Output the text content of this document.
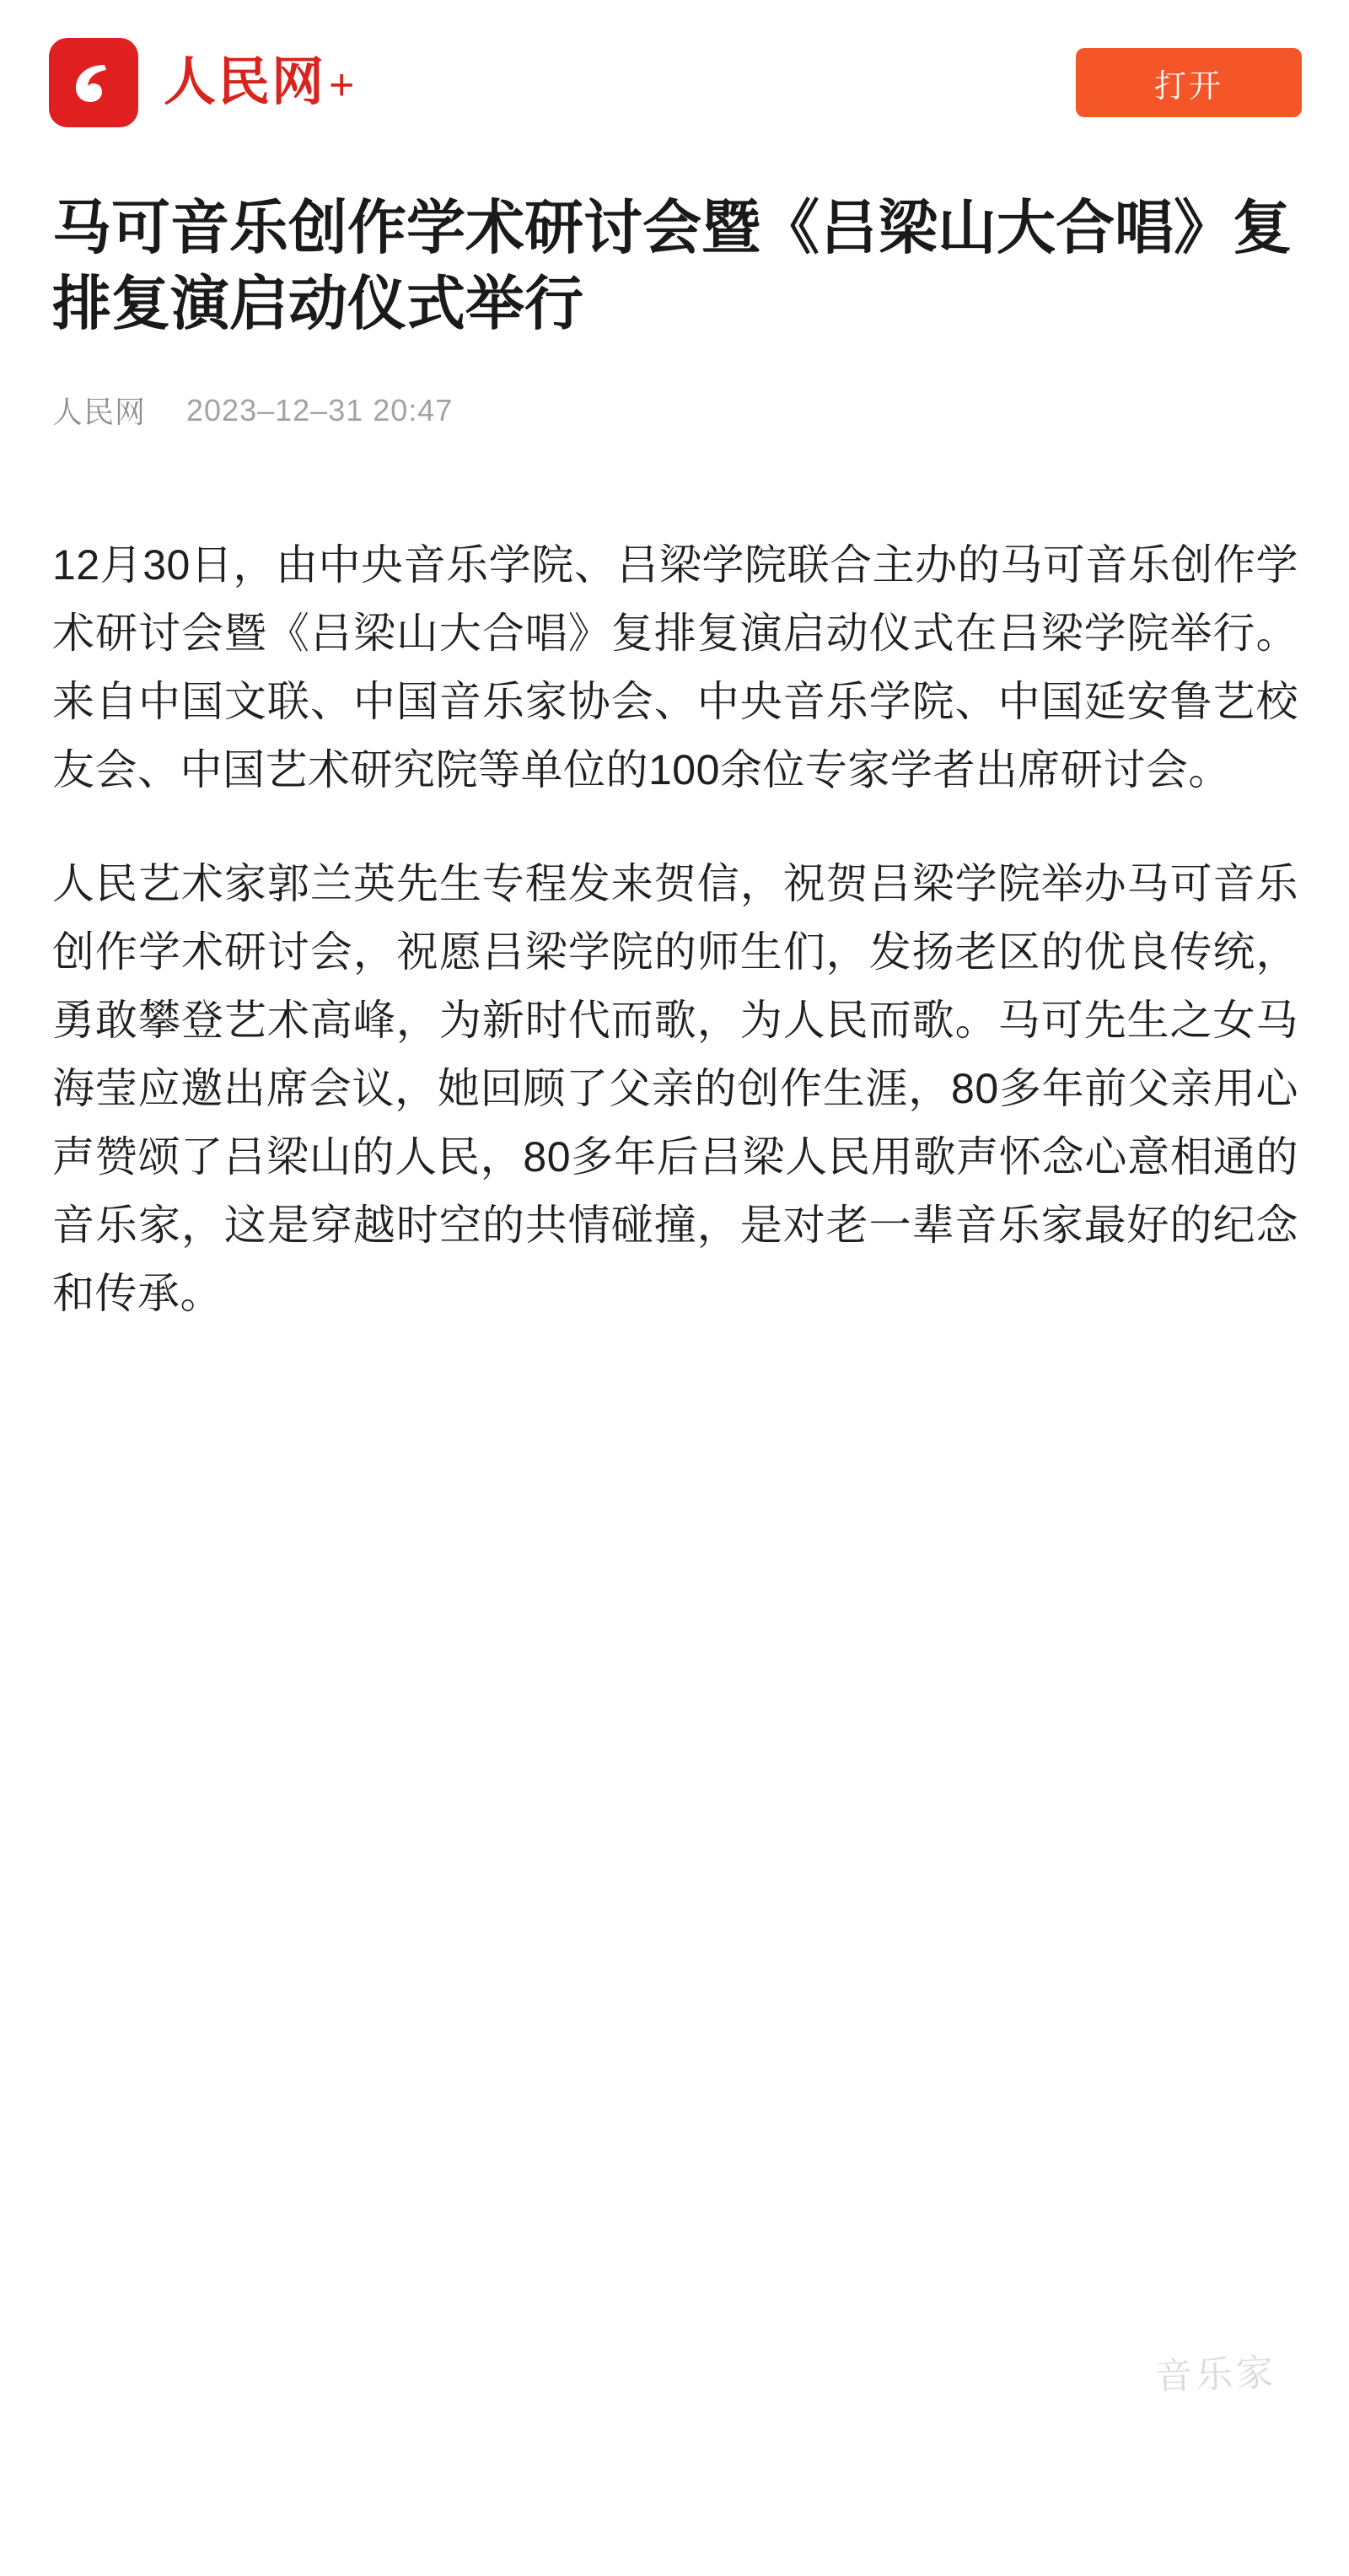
人民网 +	打开
马可音乐创作学术研讨会暨《吕梁山大合唱》复排复演启动仪式举行
人民网 2023–12–31 20:47

12月30日，由中央音乐学院、吕梁学院联合主办的马可音乐创作学术研讨会暨《吕梁山大合唱》复排复演启动仪式在吕梁学院举行。来自中国文联、中国音乐家协会、中央音乐学院、中国延安鲁艺校友会、中国艺术研究院等单位的100余位专家学者出席研讨会。

人民艺术家郭兰英先生专程发来贺信，祝贺吕梁学院举办马可音乐创作学术研讨会，祝愿吕梁学院的师生们，发扬老区的优良传统，勇敢攀登艺术高峰，为新时代而歌，为人民而歌。马可先生之女马海莹应邀出席会议，她回顾了父亲的创作生涯，80多年前父亲用心声赞颂了吕梁山的人民，80多年后吕梁人民用歌声怀念心意相通的音乐家，这是穿越时空的共情碰撞，是对老一辈音乐家最好的纪念和传承。

音乐家
